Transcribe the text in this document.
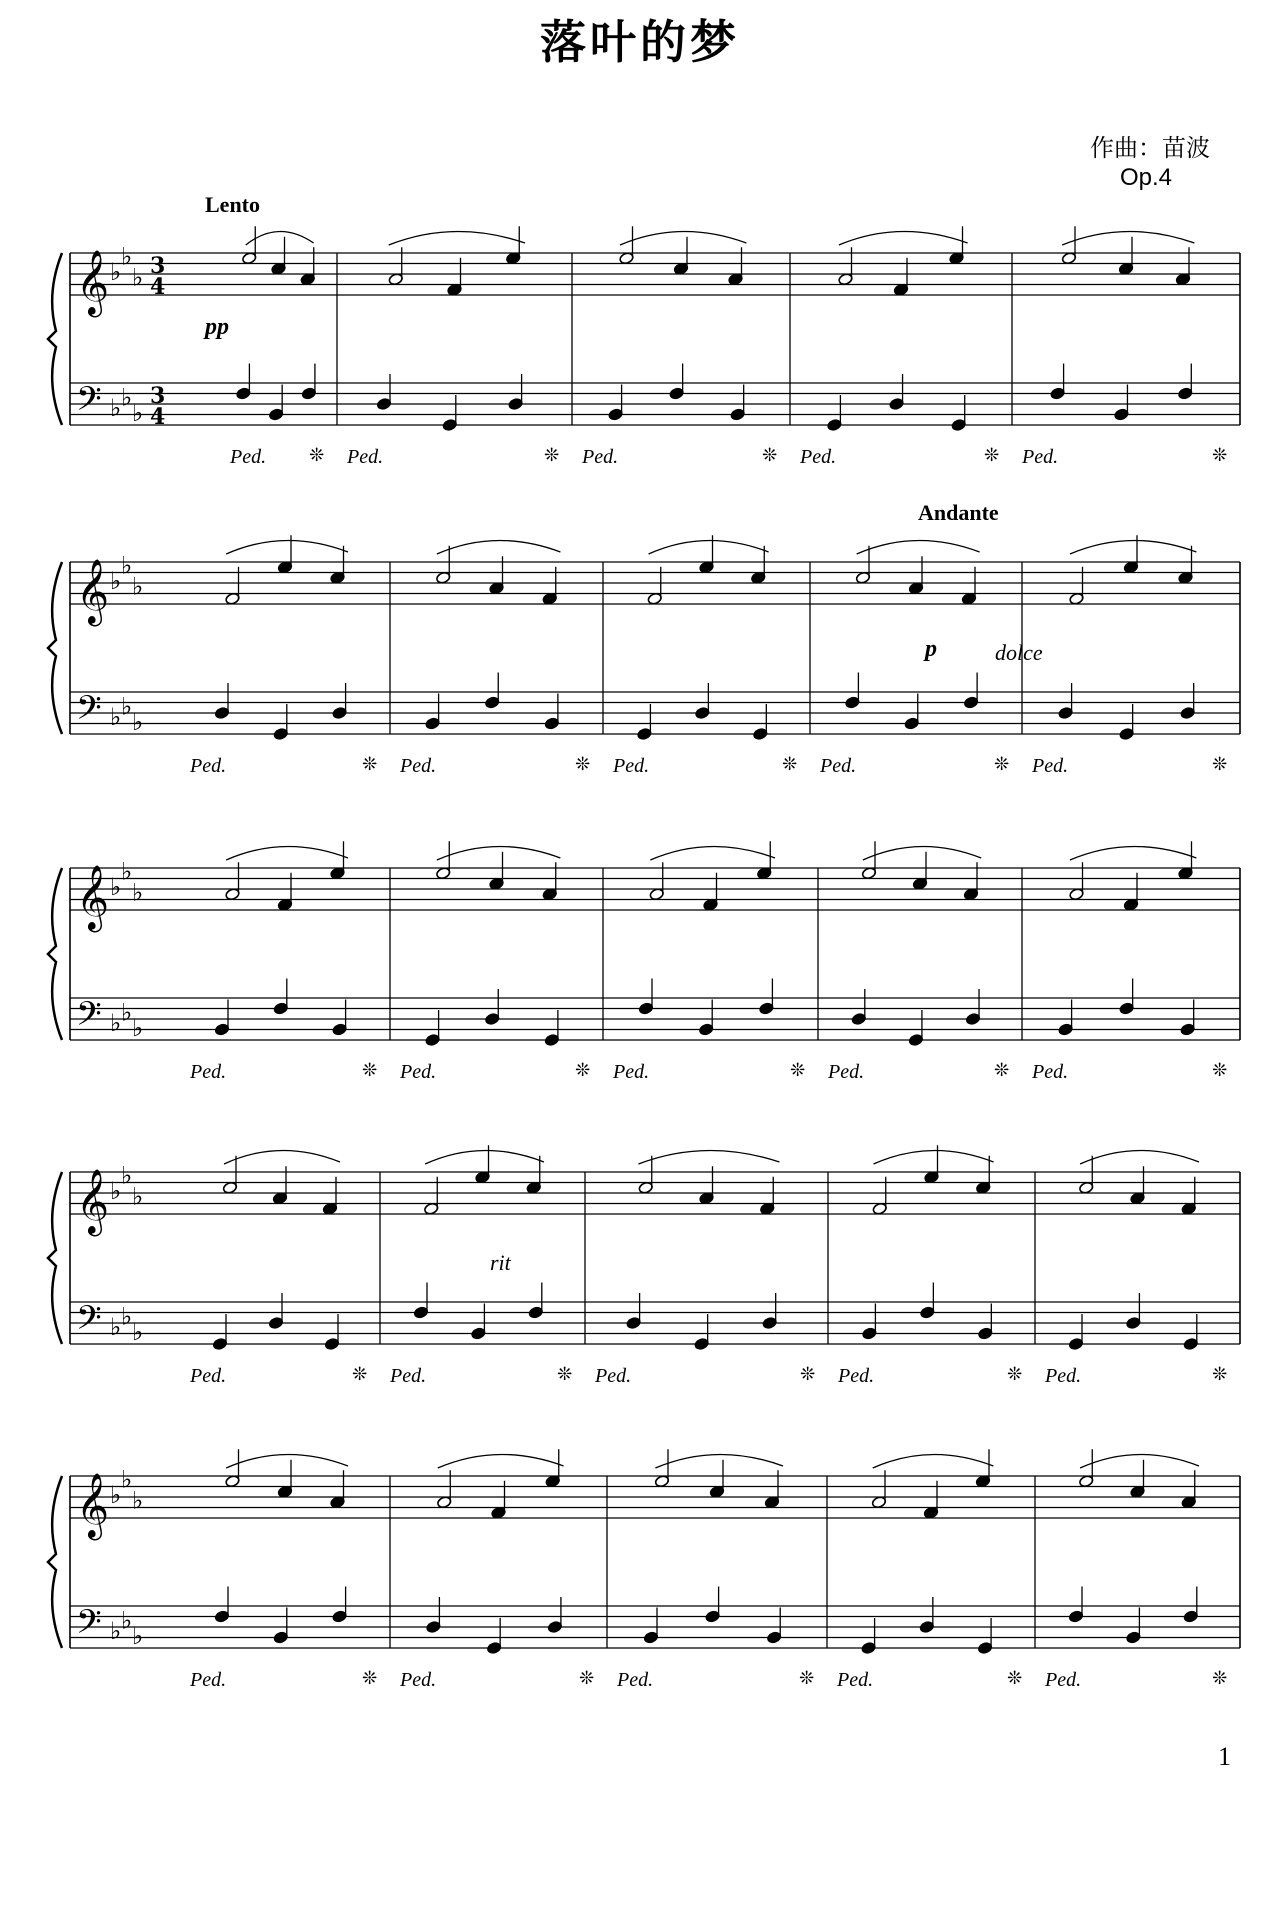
落叶的梦
作曲：苗波
Op.4
Lento
pp
Andante
p	dolce
rit
1
𝄞
𝄢
♭
♭
♭
♭
♭
♭
3
4
3
4
Ped. ❊ Ped.	❊ Ped.	❊ Ped.	❊ Ped.	❊
𝄞
𝄢
♭
♭
♭
♭
♭
♭
Ped.	❊ Ped.	❊ Ped.	❊ Ped.	❊ Ped.	❊
𝄞
𝄢
♭
♭
♭
♭
♭
♭
Ped.	❊ Ped.	❊ Ped.	❊ Ped.	❊ Ped.	❊
𝄞
𝄢
♭
♭
♭
♭
♭
♭
Ped.	❊ Ped.	❊ Ped.	❊ Ped.	❊ Ped.	❊
𝄞
𝄢
♭
♭
♭
♭
♭
♭
Ped.	❊ Ped.	❊ Ped.	❊ Ped.	❊ Ped.	❊
